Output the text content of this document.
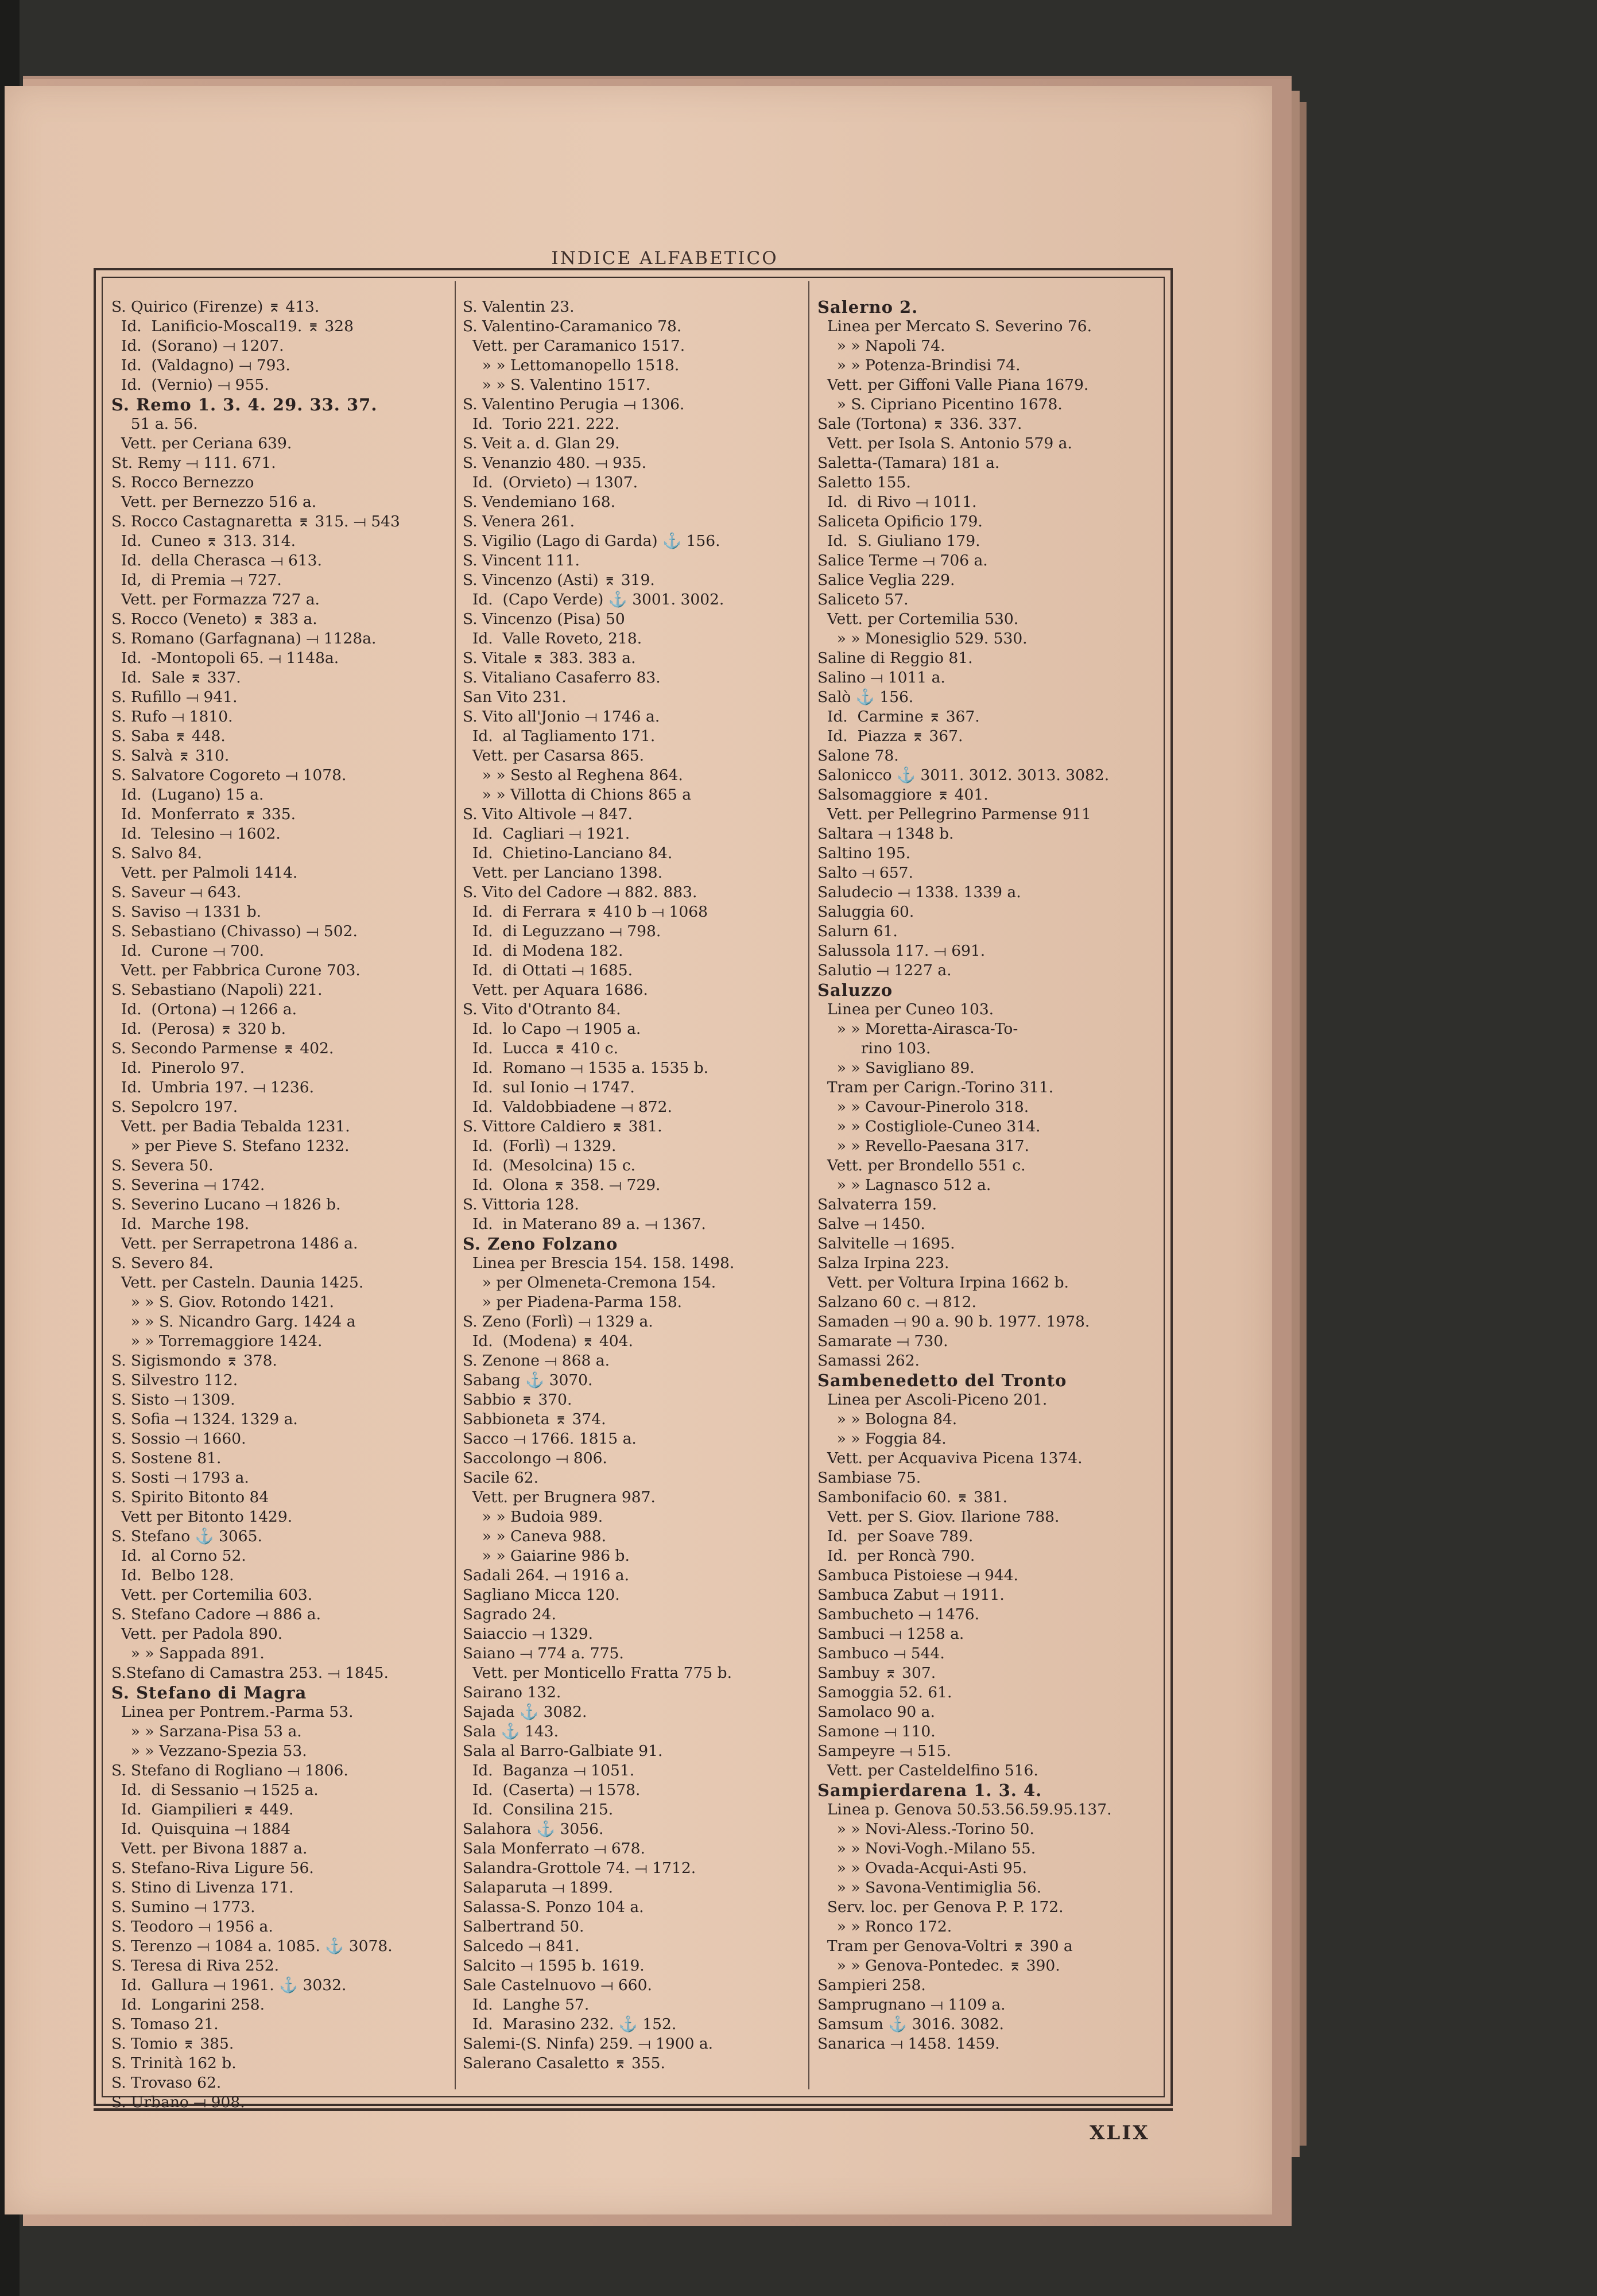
INDICE ALFABETICO
S. Quirico (Firenze) ⌆ 413.
Id.  Lanificio-Moscal19. ⌆ 328
Id.  (Sorano) ⟞ 1207.
Id.  (Valdagno) ⟞ 793.
Id.  (Vernio) ⟞ 955.
S. Remo 1. 3. 4. 29. 33. 37.
51 a. 56.
Vett. per Ceriana 639.
St. Remy ⟞ 111. 671.
S. Rocco Bernezzo
Vett. per Bernezzo 516 a.
S. Rocco Castagnaretta ⌆ 315. ⟞ 543
Id.  Cuneo ⌆ 313. 314.
Id.  della Cherasca ⟞ 613.
Id,  di Premia ⟞ 727.
Vett. per Formazza 727 a.
S. Rocco (Veneto) ⌆ 383 a.
S. Romano (Garfagnana) ⟞ 1128a.
Id.  -Montopoli 65. ⟞ 1148a.
Id.  Sale ⌆ 337.
S. Rufillo ⟞ 941.
S. Rufo ⟞ 1810.
S. Saba ⌆ 448.
S. Salvà ⌆ 310.
S. Salvatore Cogoreto ⟞ 1078.
Id.  (Lugano) 15 a.
Id.  Monferrato ⌆ 335.
Id.  Telesino ⟞ 1602.
S. Salvo 84.
Vett. per Palmoli 1414.
S. Saveur ⟞ 643.
S. Saviso ⟞ 1331 b.
S. Sebastiano (Chivasso) ⟞ 502.
Id.  Curone ⟞ 700.
Vett. per Fabbrica Curone 703.
S. Sebastiano (Napoli) 221.
Id.  (Ortona) ⟞ 1266 a.
Id.  (Perosa) ⌆ 320 b.
S. Secondo Parmense ⌆ 402.
Id.  Pinerolo 97.
Id.  Umbria 197. ⟞ 1236.
S. Sepolcro 197.
Vett. per Badia Tebalda 1231.
» per Pieve S. Stefano 1232.
S. Severa 50.
S. Severina ⟞ 1742.
S. Severino Lucano ⟞ 1826 b.
Id.  Marche 198.
Vett. per Serrapetrona 1486 a.
S. Severo 84.
Vett. per Casteln. Daunia 1425.
» » S. Giov. Rotondo 1421.
» » S. Nicandro Garg. 1424 a
» » Torremaggiore 1424.
S. Sigismondo ⌆ 378.
S. Silvestro 112.
S. Sisto ⟞ 1309.
S. Sofia ⟞ 1324. 1329 a.
S. Sossio ⟞ 1660.
S. Sostene 81.
S. Sosti ⟞ 1793 a.
S. Spirito Bitonto 84
Vett per Bitonto 1429.
S. Stefano ⚓ 3065.
Id.  al Corno 52.
Id.  Belbo 128.
Vett. per Cortemilia 603.
S. Stefano Cadore ⟞ 886 a.
Vett. per Padola 890.
» » Sappada 891.
S.Stefano di Camastra 253. ⟞ 1845.
S. Stefano di Magra
Linea per Pontrem.-Parma 53.
» » Sarzana-Pisa 53 a.
» » Vezzano-Spezia 53.
S. Stefano di Rogliano ⟞ 1806.
Id.  di Sessanio ⟞ 1525 a.
Id.  Giampilieri ⌆ 449.
Id.  Quisquina ⟞ 1884
Vett. per Bivona 1887 a.
S. Stefano-Riva Ligure 56.
S. Stino di Livenza 171.
S. Sumino ⟞ 1773.
S. Teodoro ⟞ 1956 a.
S. Terenzo ⟞ 1084 a. 1085. ⚓ 3078.
S. Teresa di Riva 252.
Id.  Gallura ⟞ 1961. ⚓ 3032.
Id.  Longarini 258.
S. Tomaso 21.
S. Tomio ⌆ 385.
S. Trinità 162 b.
S. Trovaso 62.
S. Urbano ⟞ 908.
S. Valentin 23.
S. Valentino-Caramanico 78.
Vett. per Caramanico 1517.
» » Lettomanopello 1518.
» » S. Valentino 1517.
S. Valentino Perugia ⟞ 1306.
Id.  Torio 221. 222.
S. Veit a. d. Glan 29.
S. Venanzio 480. ⟞ 935.
Id.  (Orvieto) ⟞ 1307.
S. Vendemiano 168.
S. Venera 261.
S. Vigilio (Lago di Garda) ⚓ 156.
S. Vincent 111.
S. Vincenzo (Asti) ⌆ 319.
Id.  (Capo Verde) ⚓ 3001. 3002.
S. Vincenzo (Pisa) 50
Id.  Valle Roveto, 218.
S. Vitale ⌆ 383. 383 a.
S. Vitaliano Casaferro 83.
San Vito 231.
S. Vito all'Jonio ⟞ 1746 a.
Id.  al Tagliamento 171.
Vett. per Casarsa 865.
» » Sesto al Reghena 864.
» » Villotta di Chions 865 a
S. Vito Altivole ⟞ 847.
Id.  Cagliari ⟞ 1921.
Id.  Chietino-Lanciano 84.
Vett. per Lanciano 1398.
S. Vito del Cadore ⟞ 882. 883.
Id.  di Ferrara ⌆ 410 b ⟞ 1068
Id.  di Leguzzano ⟞ 798.
Id.  di Modena 182.
Id.  di Ottati ⟞ 1685.
Vett. per Aquara 1686.
S. Vito d'Otranto 84.
Id.  lo Capo ⟞ 1905 a.
Id.  Lucca ⌆ 410 c.
Id.  Romano ⟞ 1535 a. 1535 b.
Id.  sul Ionio ⟞ 1747.
Id.  Valdobbiadene ⟞ 872.
S. Vittore Caldiero ⌆ 381.
Id.  (Forlì) ⟞ 1329.
Id.  (Mesolcina) 15 c.
Id.  Olona ⌆ 358. ⟞ 729.
S. Vittoria 128.
Id.  in Materano 89 a. ⟞ 1367.
S. Zeno Folzano
Linea per Brescia 154. 158. 1498.
» per Olmeneta-Cremona 154.
» per Piadena-Parma 158.
S. Zeno (Forlì) ⟞ 1329 a.
Id.  (Modena) ⌆ 404.
S. Zenone ⟞ 868 a.
Sabang ⚓ 3070.
Sabbio ⌆ 370.
Sabbioneta ⌆ 374.
Sacco ⟞ 1766. 1815 a.
Saccolongo ⟞ 806.
Sacile 62.
Vett. per Brugnera 987.
» » Budoia 989.
» » Caneva 988.
» » Gaiarine 986 b.
Sadali 264. ⟞ 1916 a.
Sagliano Micca 120.
Sagrado 24.
Saiaccio ⟞ 1329.
Saiano ⟞ 774 a. 775.
Vett. per Monticello Fratta 775 b.
Sairano 132.
Sajada ⚓ 3082.
Sala ⚓ 143.
Sala al Barro-Galbiate 91.
Id.  Baganza ⟞ 1051.
Id.  (Caserta) ⟞ 1578.
Id.  Consilina 215.
Salahora ⚓ 3056.
Sala Monferrato ⟞ 678.
Salandra-Grottole 74. ⟞ 1712.
Salaparuta ⟞ 1899.
Salassa-S. Ponzo 104 a.
Salbertrand 50.
Salcedo ⟞ 841.
Salcito ⟞ 1595 b. 1619.
Sale Castelnuovo ⟞ 660.
Id.  Langhe 57.
Id.  Marasino 232. ⚓ 152.
Salemi-(S. Ninfa) 259. ⟞ 1900 a.
Salerano Casaletto ⌆ 355.
Salerno 2.
Linea per Mercato S. Severino 76.
» » Napoli 74.
» » Potenza-Brindisi 74.
Vett. per Giffoni Valle Piana 1679.
» S. Cipriano Picentino 1678.
Sale (Tortona) ⌆ 336. 337.
Vett. per Isola S. Antonio 579 a.
Saletta-(Tamara) 181 a.
Saletto 155.
Id.  di Rivo ⟞ 1011.
Saliceta Opificio 179.
Id.  S. Giuliano 179.
Salice Terme ⟞ 706 a.
Salice Veglia 229.
Saliceto 57.
Vett. per Cortemilia 530.
» » Monesiglio 529. 530.
Saline di Reggio 81.
Salino ⟞ 1011 a.
Salò ⚓ 156.
Id.  Carmine ⌆ 367.
Id.  Piazza ⌆ 367.
Salone 78.
Salonicco ⚓ 3011. 3012. 3013. 3082.
Salsomaggiore ⌆ 401.
Vett. per Pellegrino Parmense 911
Saltara ⟞ 1348 b.
Saltino 195.
Salto ⟞ 657.
Saludecio ⟞ 1338. 1339 a.
Saluggia 60.
Salurn 61.
Salussola 117. ⟞ 691.
Salutio ⟞ 1227 a.
Saluzzo
Linea per Cuneo 103.
» » Moretta-Airasca-To-
rino 103.
» » Savigliano 89.
Tram per Carign.-Torino 311.
» » Cavour-Pinerolo 318.
» » Costigliole-Cuneo 314.
» » Revello-Paesana 317.
Vett. per Brondello 551 c.
» » Lagnasco 512 a.
Salvaterra 159.
Salve ⟞ 1450.
Salvitelle ⟞ 1695.
Salza Irpina 223.
Vett. per Voltura Irpina 1662 b.
Salzano 60 c. ⟞ 812.
Samaden ⟞ 90 a. 90 b. 1977. 1978.
Samarate ⟞ 730.
Samassi 262.
Sambenedetto del Tronto
Linea per Ascoli-Piceno 201.
» » Bologna 84.
» » Foggia 84.
Vett. per Acquaviva Picena 1374.
Sambiase 75.
Sambonifacio 60. ⌆ 381.
Vett. per S. Giov. Ilarione 788.
Id.  per Soave 789.
Id.  per Roncà 790.
Sambuca Pistoiese ⟞ 944.
Sambuca Zabut ⟞ 1911.
Sambucheto ⟞ 1476.
Sambuci ⟞ 1258 a.
Sambuco ⟞ 544.
Sambuy ⌆ 307.
Samoggia 52. 61.
Samolaco 90 a.
Samone ⟞ 110.
Sampeyre ⟞ 515.
Vett. per Casteldelfino 516.
Sampierdarena 1. 3. 4.
Linea p. Genova 50.53.56.59.95.137.
» » Novi-Aless.-Torino 50.
» » Novi-Vogh.-Milano 55.
» » Ovada-Acqui-Asti 95.
» » Savona-Ventimiglia 56.
Serv. loc. per Genova P. P. 172.
» » Ronco 172.
Tram per Genova-Voltri ⌆ 390 a
» » Genova-Pontedec. ⌆ 390.
Sampieri 258.
Samprugnano ⟞ 1109 a.
Samsum ⚓ 3016. 3082.
Sanarica ⟞ 1458. 1459.
XLIX
